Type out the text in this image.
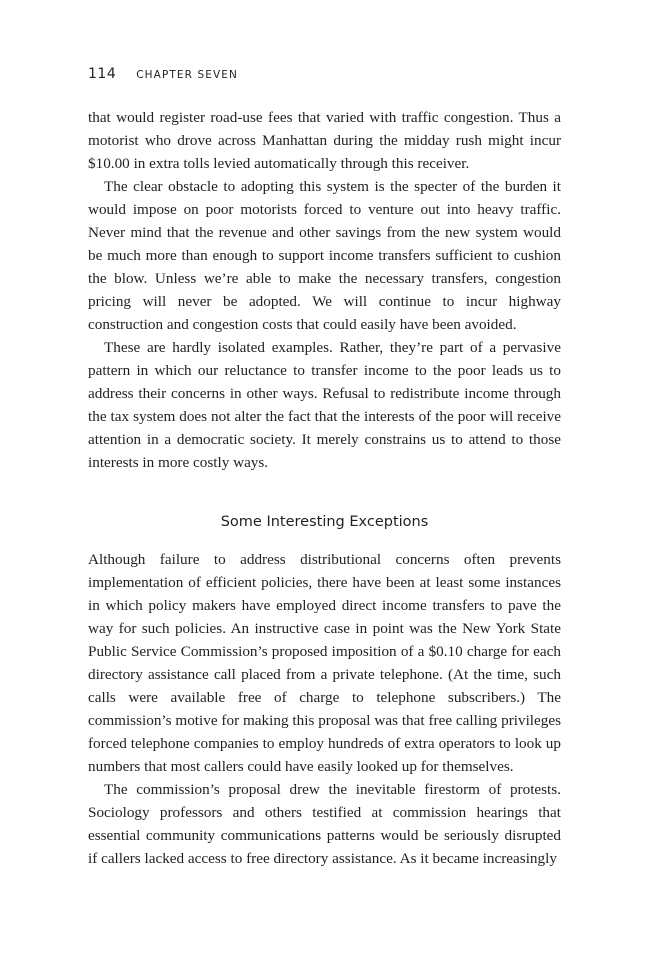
114 CHAPTER SEVEN

that would register road-use fees that varied with traffic congestion. Thus a motorist who drove across Manhattan during the midday rush might incur $10.00 in extra tolls levied automatically through this receiver.

The clear obstacle to adopting this system is the specter of the burden it would impose on poor motorists forced to venture out into heavy traffic. Never mind that the revenue and other savings from the new system would be much more than enough to support income transfers sufficient to cushion the blow. Unless we’re able to make the necessary transfers, congestion pricing will never be adopted. We will continue to incur highway construction and congestion costs that could easily have been avoided.

These are hardly isolated examples. Rather, they’re part of a pervasive pattern in which our reluctance to transfer income to the poor leads us to address their concerns in other ways. Refusal to redistribute income through the tax system does not alter the fact that the interests of the poor will receive attention in a democratic society. It merely constrains us to attend to those interests in more costly ways.

Some Interesting Exceptions

Although failure to address distributional concerns often prevents implementation of efficient policies, there have been at least some instances in which policy makers have employed direct income transfers to pave the way for such policies. An instructive case in point was the New York State Public Service Commission’s proposed imposition of a $0.10 charge for each directory assistance call placed from a private telephone. (At the time, such calls were available free of charge to telephone subscribers.) The commission’s motive for making this proposal was that free calling privileges forced telephone companies to employ hundreds of extra operators to look up numbers that most callers could have easily looked up for themselves.

The commission’s proposal drew the inevitable firestorm of protests. Sociology professors and others testified at commission hearings that essential community communications patterns would be seriously disrupted if callers lacked access to free directory assistance. As it became increasingly
